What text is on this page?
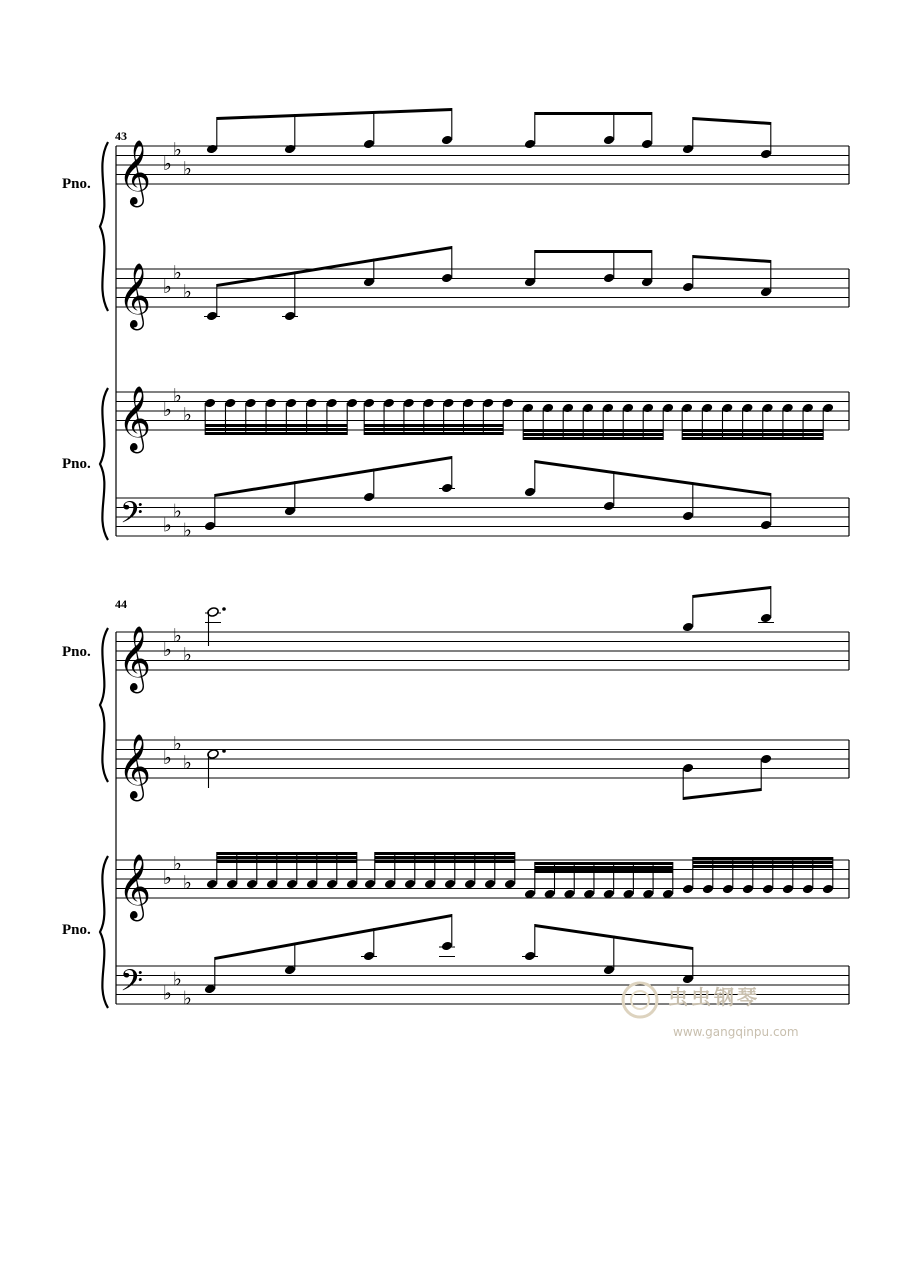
𝄞
𝄞
𝄞
𝄢
♭
♭
♭
♭
♭
♭
♭
♭
♭
♭
♭
♭
𝄞
𝄞
𝄞
𝄢
♭
♭
♭
♭
♭
♭
♭
♭
♭
♭
♭
♭
43
Pno.
Pno.
44
Pno.
Pno.
虫虫钢琴
www.gangqinpu.com
